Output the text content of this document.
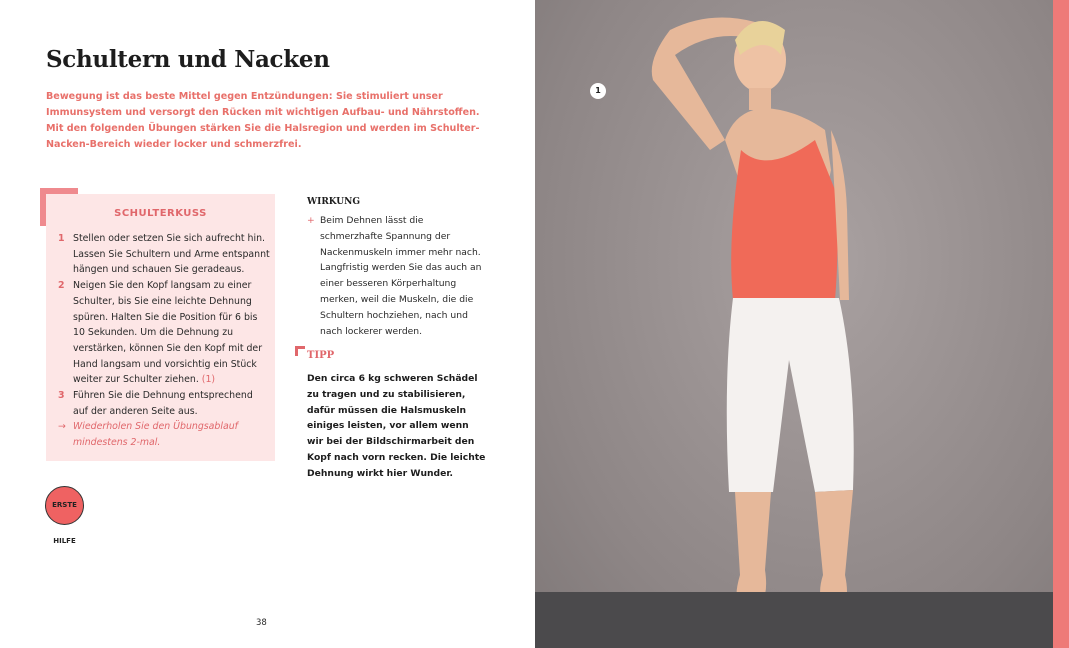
Schultern und Nacken

Bewegung ist das beste Mittel gegen Entzündungen: Sie stimuliert unser Immunsystem und versorgt den Rücken mit wichtigen Aufbau- und Nährstoffen. Mit den folgenden Übungen stärken Sie die Halsregion und werden im Schulter-Nacken-Bereich wieder locker und schmerzfrei.

SCHULTERKUSS
1 Stellen oder setzen Sie sich aufrecht hin. Lassen Sie Schultern und Arme entspannt hängen und schauen Sie geradeaus.
2 Neigen Sie den Kopf langsam zu einer Schulter, bis Sie eine leichte Dehnung spüren. Halten Sie die Position für 6 bis 10 Sekunden. Um die Dehnung zu verstärken, können Sie den Kopf mit der Hand langsam und vorsichtig ein Stück weiter zur Schulter ziehen. (1)
3 Führen Sie die Dehnung entsprechend auf der anderen Seite aus.
→ Wiederholen Sie den Übungsablauf mindestens 2-mal.
ERSTE HILFE
WIRKUNG
+ Beim Dehnen lässt die schmerzhafte Spannung der Nackenmuskeln immer mehr nach. Langfristig werden Sie das auch an einer besseren Körperhaltung merken, weil die Muskeln, die die Schultern hochziehen, nach und nach lockerer werden.
TIPP
Den circa 6 kg schweren Schädel zu tragen und zu stabilisieren, dafür müssen die Halsmuskeln einiges leisten, vor allem wenn wir bei der Bildschirmarbeit den Kopf nach vorn recken. Die leichte Dehnung wirkt hier Wunder.
38
1
